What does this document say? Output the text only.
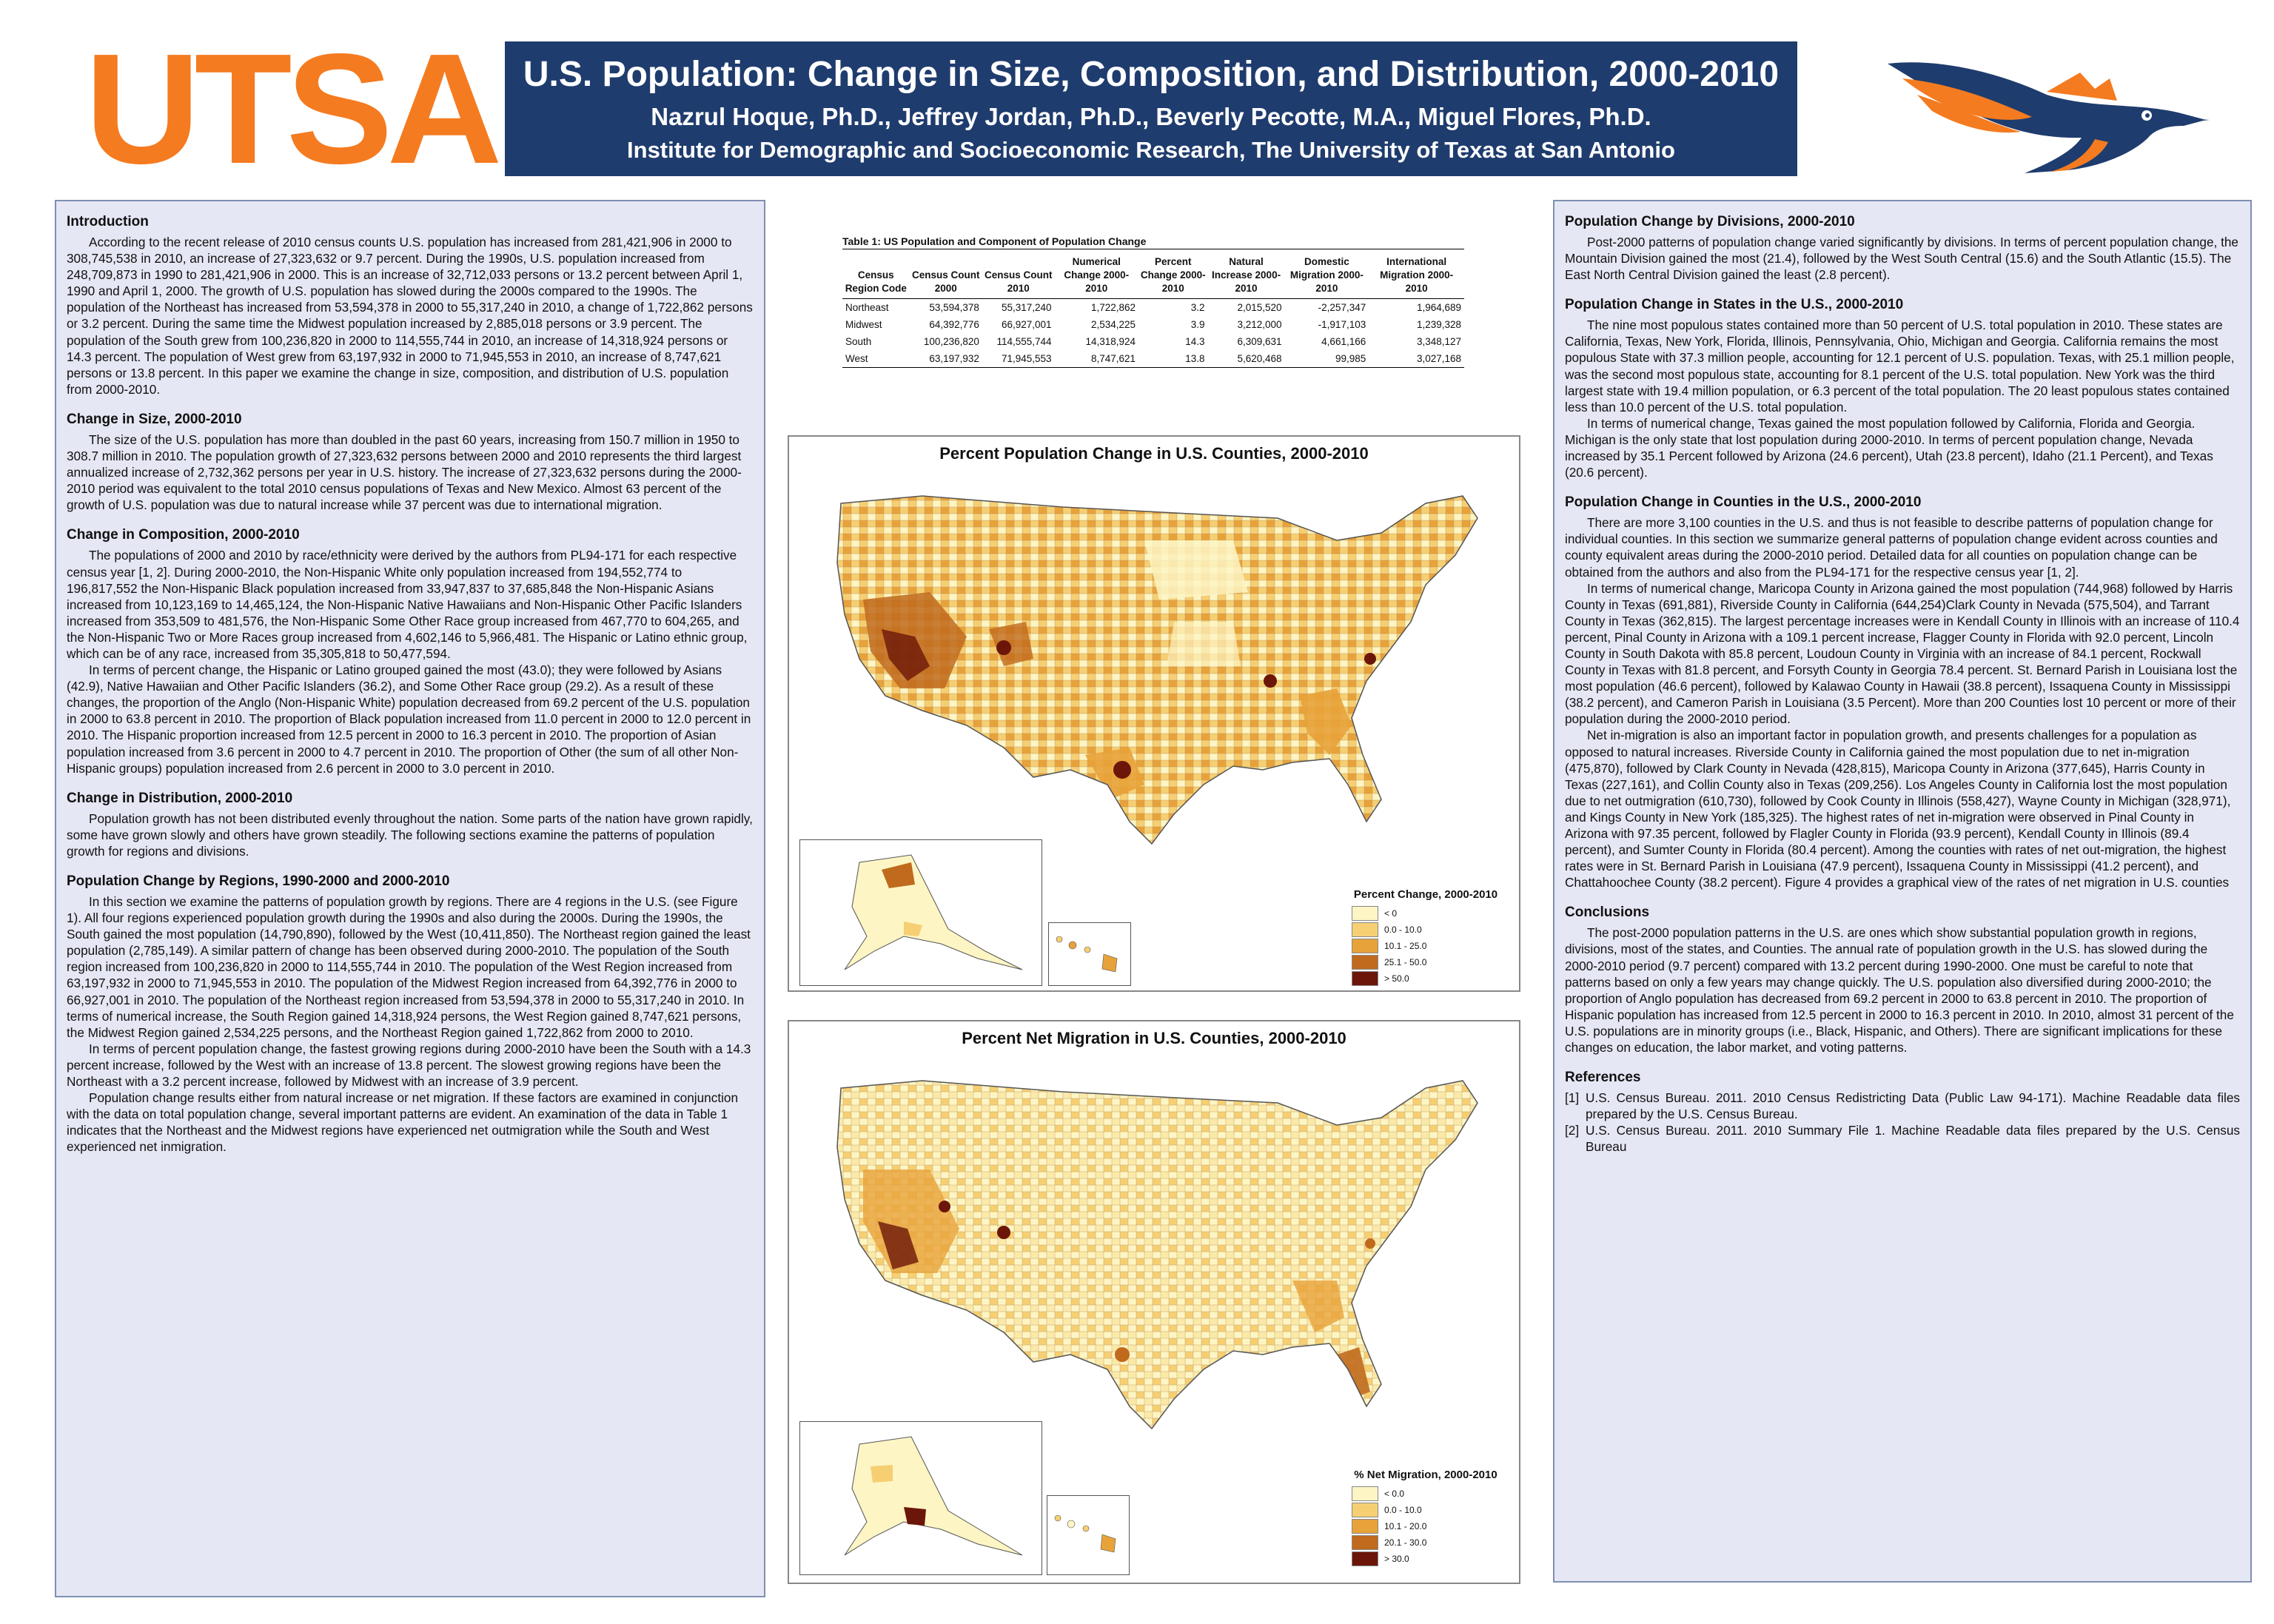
UTSA U.S. Population: Change in Size, Composition, and Distribution, 2000-2010
Nazrul Hoque, Ph.D., Jeffrey Jordan, Ph.D., Beverly Pecotte, M.A., Miguel Flores, Ph.D.
Institute for Demographic and Socioeconomic Research, The University of Texas at San Antonio
Introduction

According to the recent release of 2010 census counts U.S. population has increased from 281,421,906 in 2000 to 308,745,538 in 2010, an increase of 27,323,632 or 9.7 percent. During the 1990s, U.S. population increased from 248,709,873 in 1990 to 281,421,906 in 2000. This is an increase of 32,712,033 persons or 13.2 percent between April 1, 1990 and April 1, 2000. The growth of U.S. population has slowed during the 2000s compared to the 1990s. The population of the Northeast has increased from 53,594,378 in 2000 to 55,317,240 in 2010, a change of 1,722,862 persons or 3.2 percent. During the same time the Midwest population increased by 2,885,018 persons or 3.9 percent. The population of the South grew from 100,236,820 in 2000 to 114,555,744 in 2010, an increase of 14,318,924 persons or 14.3 percent. The population of West grew from 63,197,932 in 2000 to 71,945,553 in 2010, an increase of 8,747,621 persons or 13.8 percent. In this paper we examine the change in size, composition, and distribution of U.S. population from 2000-2010.

Change in Size, 2000-2010

The size of the U.S. population has more than doubled in the past 60 years, increasing from 150.7 million in 1950 to 308.7 million in 2010. The population growth of 27,323,632 persons between 2000 and 2010 represents the third largest annualized increase of 2,732,362 persons per year in U.S. history. The increase of 27,323,632 persons during the 2000-2010 period was equivalent to the total 2010 census populations of Texas and New Mexico. Almost 63 percent of the growth of U.S. population was due to natural increase while 37 percent was due to international migration.

Change in Composition, 2000-2010

The populations of 2000 and 2010 by race/ethnicity were derived by the authors from PL94-171 for each respective census year [1, 2]. During 2000-2010, the Non-Hispanic White only population increased from 194,552,774 to 196,817,552 the Non-Hispanic Black population increased from 33,947,837 to 37,685,848 the Non-Hispanic Asians increased from 10,123,169 to 14,465,124, the Non-Hispanic Native Hawaiians and Non-Hispanic Other Pacific Islanders increased from 353,509 to 481,576, the Non-Hispanic Some Other Race group increased from 467,770 to 604,265, and the Non-Hispanic Two or More Races group increased from 4,602,146 to 5,966,481. The Hispanic or Latino ethnic group, which can be of any race, increased from 35,305,818 to 50,477,594.

In terms of percent change, the Hispanic or Latino grouped gained the most (43.0); they were followed by Asians (42.9), Native Hawaiian and Other Pacific Islanders (36.2), and Some Other Race group (29.2). As a result of these changes, the proportion of the Anglo (Non-Hispanic White) population decreased from 69.2 percent of the U.S. population in 2000 to 63.8 percent in 2010. The proportion of Black population increased from 11.0 percent in 2000 to 12.0 percent in 2010. The Hispanic proportion increased from 12.5 percent in 2000 to 16.3 percent in 2010. The proportion of Asian population increased from 3.6 percent in 2000 to 4.7 percent in 2010. The proportion of Other (the sum of all other Non-Hispanic groups) population increased from 2.6 percent in 2000 to 3.0 percent in 2010.

Change in Distribution, 2000-2010

Population growth has not been distributed evenly throughout the nation. Some parts of the nation have grown rapidly, some have grown slowly and others have grown steadily. The following sections examine the patterns of population growth for regions and divisions.

Population Change by Regions, 1990-2000 and 2000-2010

In this section we examine the patterns of population growth by regions. There are 4 regions in the U.S. (see Figure 1). All four regions experienced population growth during the 1990s and also during the 2000s. During the 1990s, the South gained the most population (14,790,890), followed by the West (10,411,850). The Northeast region gained the least population (2,785,149). A similar pattern of change has been observed during 2000-2010. The population of the South region increased from 100,236,820 in 2000 to 114,555,744 in 2010. The population of the West Region increased from 63,197,932 in 2000 to 71,945,553 in 2010. The population of the Midwest Region increased from 64,392,776 in 2000 to 66,927,001 in 2010. The population of the Northeast region increased from 53,594,378 in 2000 to 55,317,240 in 2010. In terms of numerical increase, the South Region gained 14,318,924 persons, the West Region gained 8,747,621 persons, the Midwest Region gained 2,534,225 persons, and the Northeast Region gained 1,722,862 from 2000 to 2010.

In terms of percent population change, the fastest growing regions during 2000-2010 have been the South with a 14.3 percent increase, followed by the West with an increase of 13.8 percent. The slowest growing regions have been the Northeast with a 3.2 percent increase, followed by Midwest with an increase of 3.9 percent.

Population change results either from natural increase or net migration. If these factors are examined in conjunction with the data on total population change, several important patterns are evident. An examination of the data in Table 1 indicates that the Northeast and the Midwest regions have experienced net outmigration while the South and West experienced net inmigration.

Table 1: US Population and Component of Population Change
Census Region Code	Census Count 2000	Census Count 2010	Numerical Change 2000-2010	Percent Change 2000-2010	Natural Increase 2000-2010	Domestic Migration 2000-2010	International Migration 2000-2010
Northeast	53,594,378	55,317,240	1,722,862	3.2	2,015,520	-2,257,347	1,964,689
Midwest	64,392,776	66,927,001	2,534,225	3.9	3,212,000	-1,917,103	1,239,328
South	100,236,820	114,555,744	14,318,924	14.3	6,309,631	4,661,166	3,348,127
West	63,197,932	71,945,553	8,747,621	13.8	5,620,468	99,985	3,027,168
Percent Population Change in U.S. Counties, 2000-2010
Percent Change, 2000-2010
< 0
0.0 - 10.0
10.1 - 25.0
25.1 - 50.0
> 50.0
Percent Net Migration in U.S. Counties, 2000-2010
% Net Migration, 2000-2010
< 0.0
0.0 - 10.0
10.1 - 20.0
20.1 - 30.0
> 30.0
Population Change by Divisions, 2000-2010

Post-2000 patterns of population change varied significantly by divisions. In terms of percent population change, the Mountain Division gained the most (21.4), followed by the West South Central (15.6) and the South Atlantic (15.5). The East North Central Division gained the least (2.8 percent).

Population Change in States in the U.S., 2000-2010

The nine most populous states contained more than 50 percent of U.S. total population in 2010. These states are California, Texas, New York, Florida, Illinois, Pennsylvania, Ohio, Michigan and Georgia. California remains the most populous State with 37.3 million people, accounting for 12.1 percent of U.S. population. Texas, with 25.1 million people, was the second most populous state, accounting for 8.1 percent of the U.S. total population. New York was the third largest state with 19.4 million population, or 6.3 percent of the total population. The 20 least populous states contained less than 10.0 percent of the U.S. total population.

In terms of numerical change, Texas gained the most population followed by California, Florida and Georgia. Michigan is the only state that lost population during 2000-2010. In terms of percent population change, Nevada increased by 35.1 Percent followed by Arizona (24.6 percent), Utah (23.8 percent), Idaho (21.1 Percent), and Texas (20.6 percent).

Population Change in Counties in the U.S., 2000-2010

There are more 3,100 counties in the U.S. and thus is not feasible to describe patterns of population change for individual counties. In this section we summarize general patterns of population change evident across counties and county equivalent areas during the 2000-2010 period. Detailed data for all counties on population change can be obtained from the authors and also from the PL94-171 for the respective census year [1, 2].

In terms of numerical change, Maricopa County in Arizona gained the most population (744,968) followed by Harris County in Texas (691,881), Riverside County in California (644,254)Clark County in Nevada (575,504), and Tarrant County in Texas (362,815). The largest percentage increases were in Kendall County in Illinois with an increase of 110.4 percent, Pinal County in Arizona with a 109.1 percent increase, Flagger County in Florida with 92.0 percent, Lincoln County in South Dakota with 85.8 percent, Loudoun County in Virginia with an increase of 84.1 percent, Rockwall County in Texas with 81.8 percent, and Forsyth County in Georgia 78.4 percent. St. Bernard Parish in Louisiana lost the most population (46.6 percent), followed by Kalawao County in Hawaii (38.8 percent), Issaquena County in Mississippi (38.2 percent), and Cameron Parish in Louisiana (3.5 Percent). More than 200 Counties lost 10 percent or more of their population during the 2000-2010 period.

Net in-migration is also an important factor in population growth, and presents challenges for a population as opposed to natural increases. Riverside County in California gained the most population due to net in-migration (475,870), followed by Clark County in Nevada (428,815), Maricopa County in Arizona (377,645), Harris County in Texas (227,161), and Collin County also in Texas (209,256). Los Angeles County in California lost the most population due to net outmigration (610,730), followed by Cook County in Illinois (558,427), Wayne County in Michigan (328,971), and Kings County in New York (185,325). The highest rates of net in-migration were observed in Pinal County in Arizona with 97.35 percent, followed by Flagler County in Florida (93.9 percent), Kendall County in Illinois (89.4 percent), and Sumter County in Florida (80.4 percent). Among the counties with rates of net out-migration, the highest rates were in St. Bernard Parish in Louisiana (47.9 percent), Issaquena County in Mississippi (41.2 percent), and Chattahoochee County (38.2 percent). Figure 4 provides a graphical view of the rates of net migration in U.S. counties

Conclusions

The post-2000 population patterns in the U.S. are ones which show substantial population growth in regions, divisions, most of the states, and Counties. The annual rate of population growth in the U.S. has slowed during the 2000-2010 period (9.7 percent) compared with 13.2 percent during 1990-2000. One must be careful to note that patterns based on only a few years may change quickly. The U.S. population also diversified during 2000-2010; the proportion of Anglo population has decreased from 69.2 percent in 2000 to 63.8 percent in 2010. The proportion of Hispanic population has increased from 12.5 percent in 2000 to 16.3 percent in 2010. In 2010, almost 31 percent of the U.S. populations are in minority groups (i.e., Black, Hispanic, and Others). There are significant implications for these changes on education, the labor market, and voting patterns.

References
[1] U.S. Census Bureau. 2011. 2010 Census Redistricting Data (Public Law 94-171). Machine Readable data files prepared by the U.S. Census Bureau.
[2] U.S. Census Bureau. 2011. 2010 Summary File 1. Machine Readable data files prepared by the U.S. Census Bureau
